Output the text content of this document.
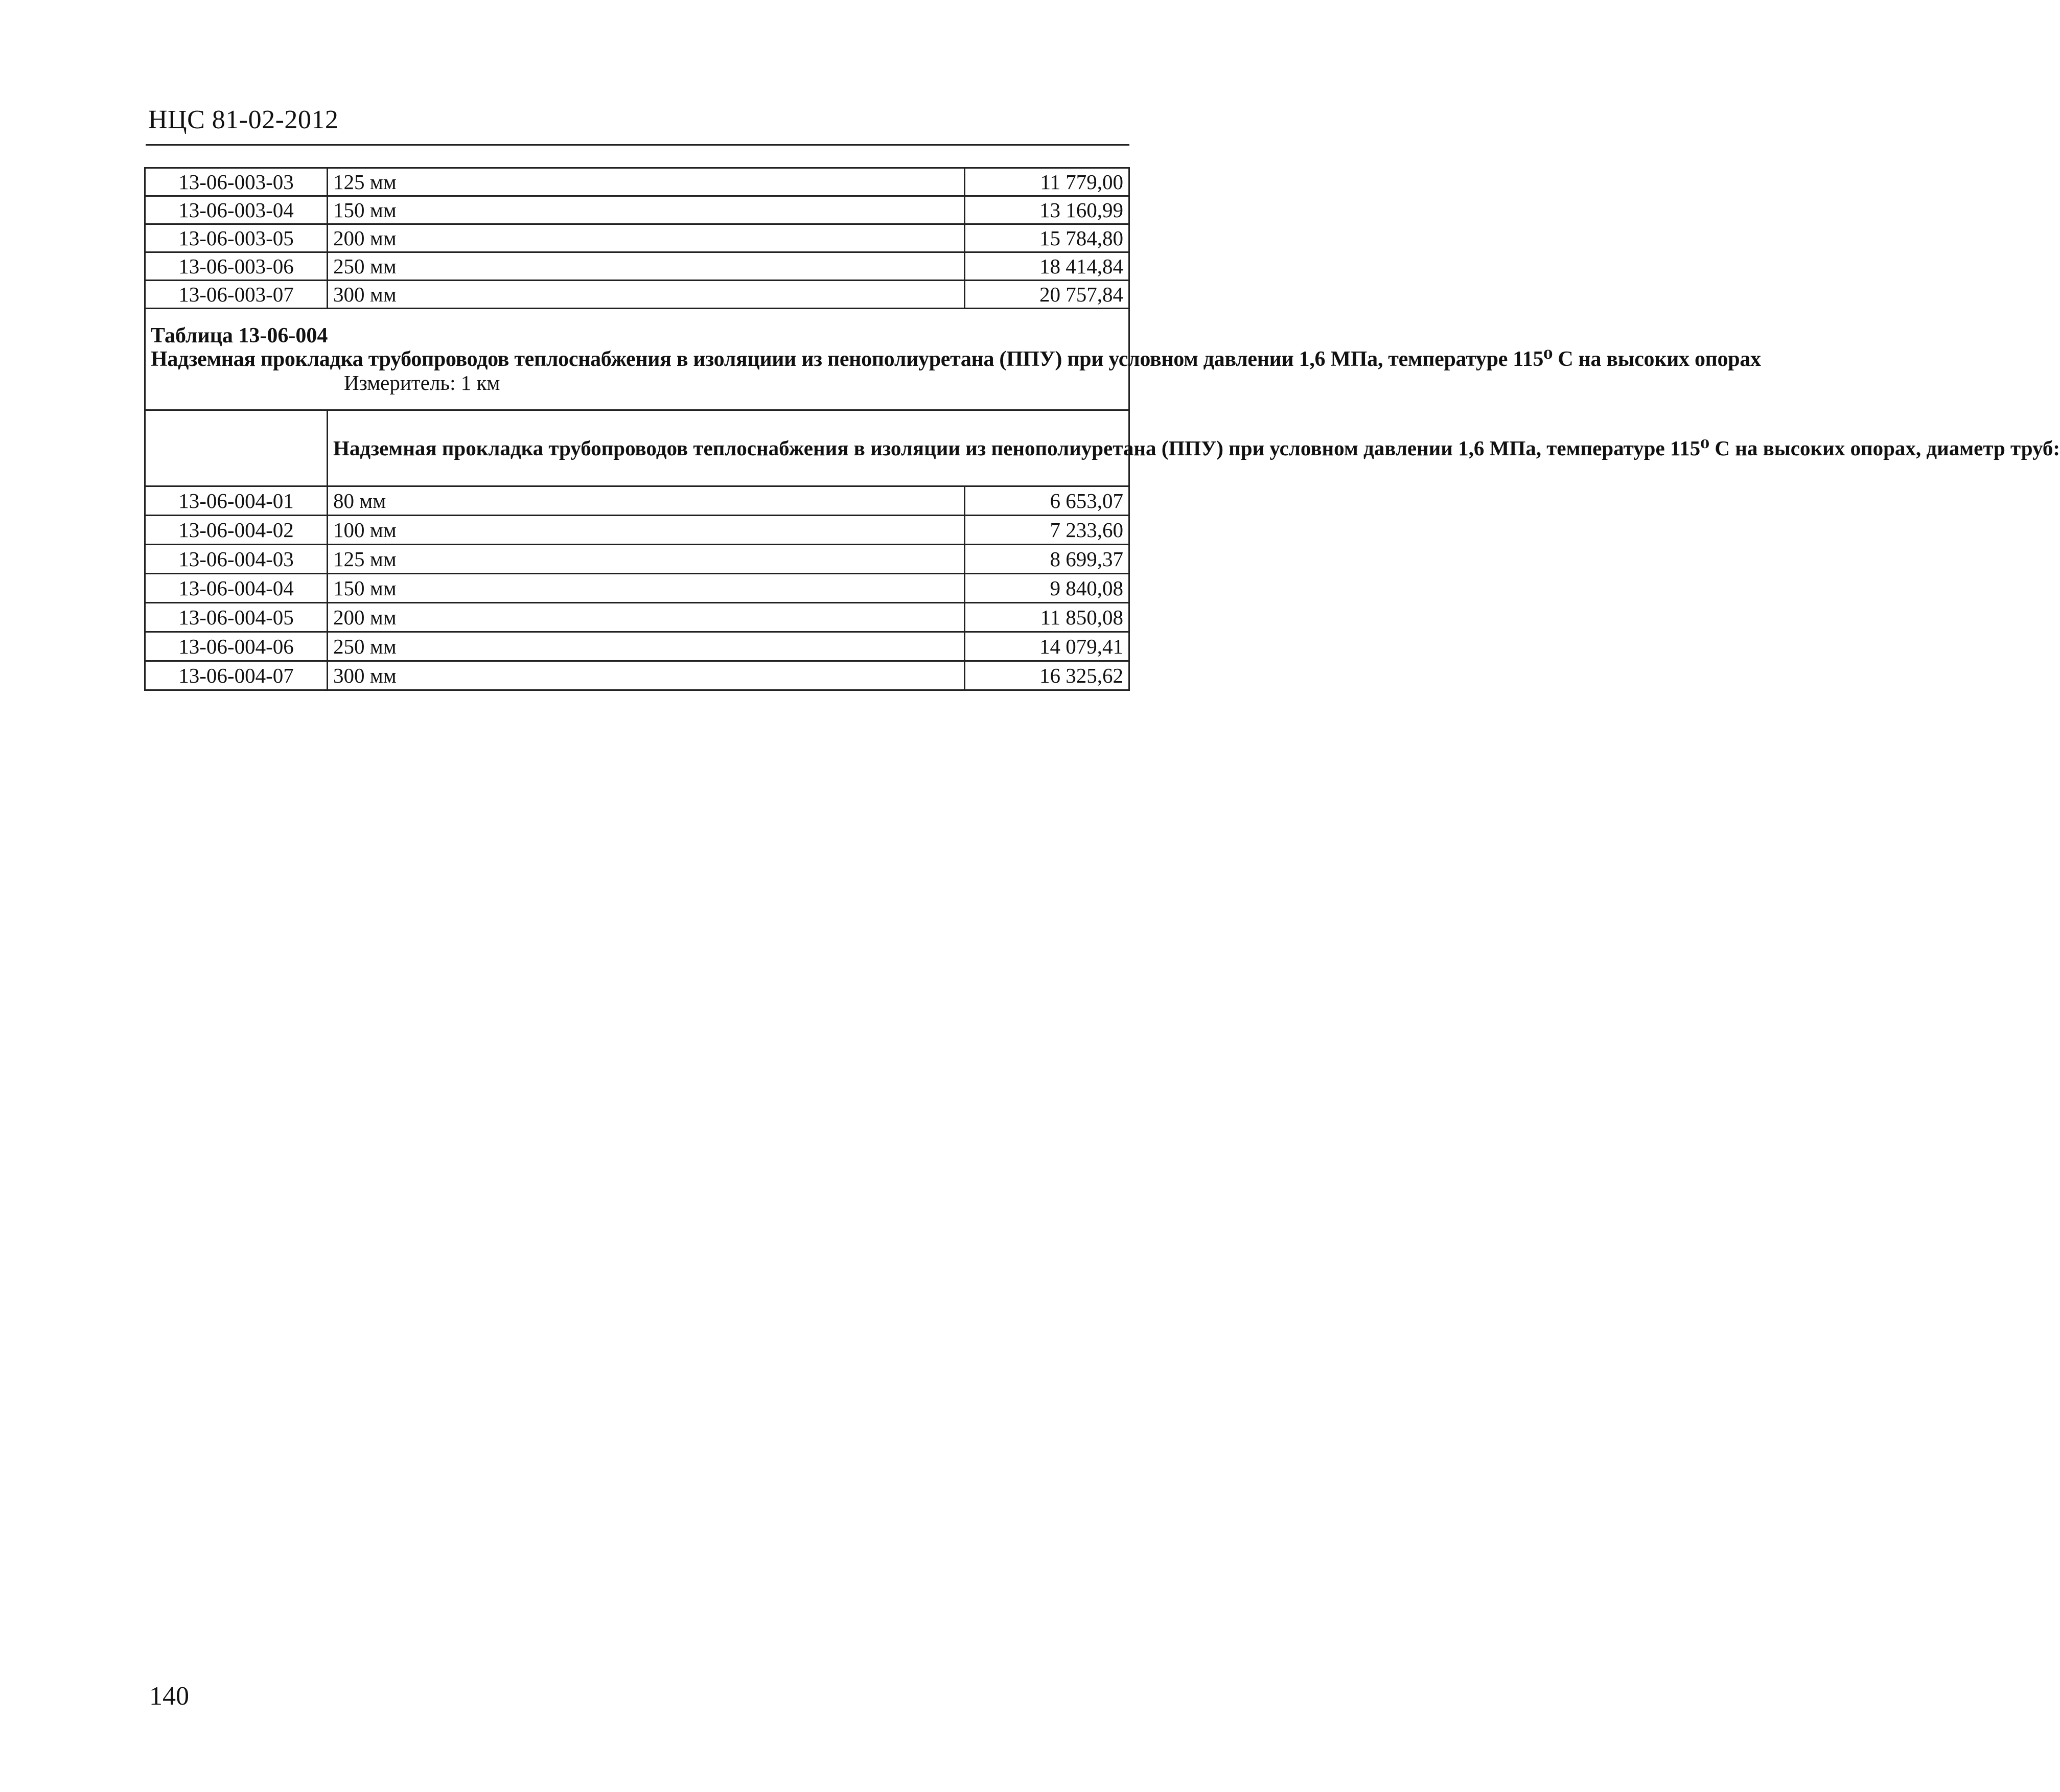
НЦС 81-02-2012
13-06-003-03	125 мм	11 779,00
13-06-003-04	150 мм	13 160,99
13-06-003-05	200 мм	15 784,80
13-06-003-06	250 мм	18 414,84
13-06-003-07	300 мм	20 757,84

Таблица 13-06-004
Надземная прокладка трубопроводов теплоснабжения в изоляциии из пенополиуретана (ППУ) при условном давлении 1,6 МПа, температуре 115⁰ С на высоких опорах
Измеритель: 1 км		

	Надземная прокладка трубопроводов теплоснабжения в изоляции из пенополиуретана (ППУ) при условном давлении 1,6 МПа, температуре 115⁰ С на высоких опорах, диаметр труб:	
13-06-004-01	80 мм	6 653,07
13-06-004-02	100 мм	7 233,60
13-06-004-03	125 мм	8 699,37
13-06-004-04	150 мм	9 840,08
13-06-004-05	200 мм	11 850,08
13-06-004-06	250 мм	14 079,41
13-06-004-07	300 мм	16 325,62
140
